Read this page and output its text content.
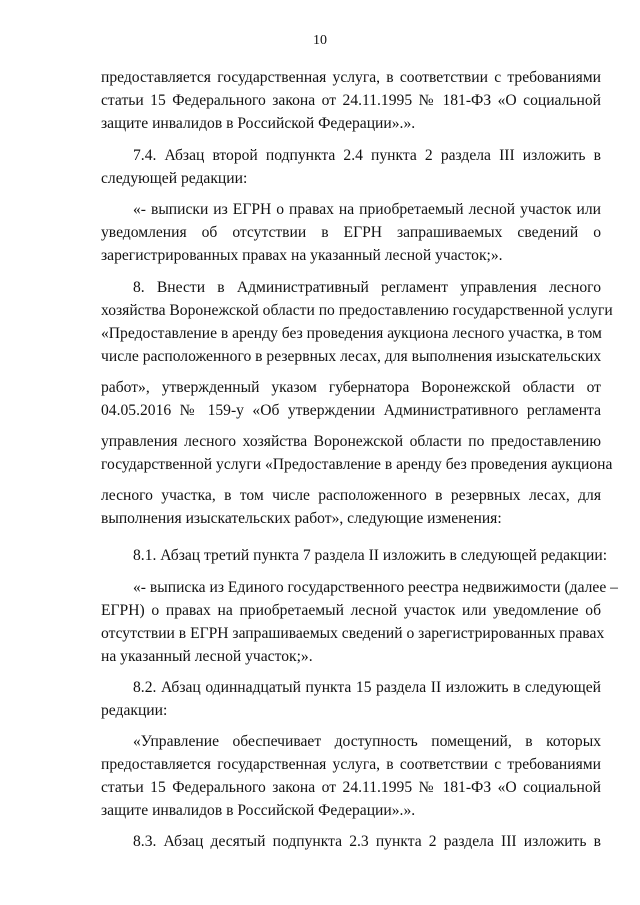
10
предоставляется государственная услуга, в соответствии с требованиями
статьи 15 Федерального закона от 24.11.1995 № 181-ФЗ «О социальной
защите инвалидов в Российской Федерации».».
7.4. Абзац второй подпункта 2.4 пункта 2 раздела III изложить в
следующей редакции:
«- выписки из ЕГРН о правах на приобретаемый лесной участок или
уведомления об отсутствии в ЕГРН запрашиваемых сведений о
зарегистрированных правах на указанный лесной участок;».
8. Внести в Административный регламент управления лесного
хозяйства Воронежской области по предоставлению государственной услуги
«Предоставление в аренду без проведения аукциона лесного участка, в том
числе расположенного в резервных лесах, для выполнения изыскательских
работ», утвержденный указом губернатора Воронежской области от
04.05.2016 № 159-у «Об утверждении Административного регламента
управления лесного хозяйства Воронежской области по предоставлению
государственной услуги «Предоставление в аренду без проведения аукциона
лесного участка, в том числе расположенного в резервных лесах, для
выполнения изыскательских работ», следующие изменения:
8.1. Абзац третий пункта 7 раздела II изложить в следующей редакции:
«- выписка из Единого государственного реестра недвижимости (далее –
ЕГРН) о правах на приобретаемый лесной участок или уведомление об
отсутствии в ЕГРН запрашиваемых сведений о зарегистрированных правах
на указанный лесной участок;».
8.2. Абзац одиннадцатый пункта 15 раздела II изложить в следующей
редакции:
«Управление обеспечивает доступность помещений, в которых
предоставляется государственная услуга, в соответствии с требованиями
статьи 15 Федерального закона от 24.11.1995 № 181-ФЗ «О социальной
защите инвалидов в Российской Федерации».».
8.3. Абзац десятый подпункта 2.3 пункта 2 раздела III изложить в
